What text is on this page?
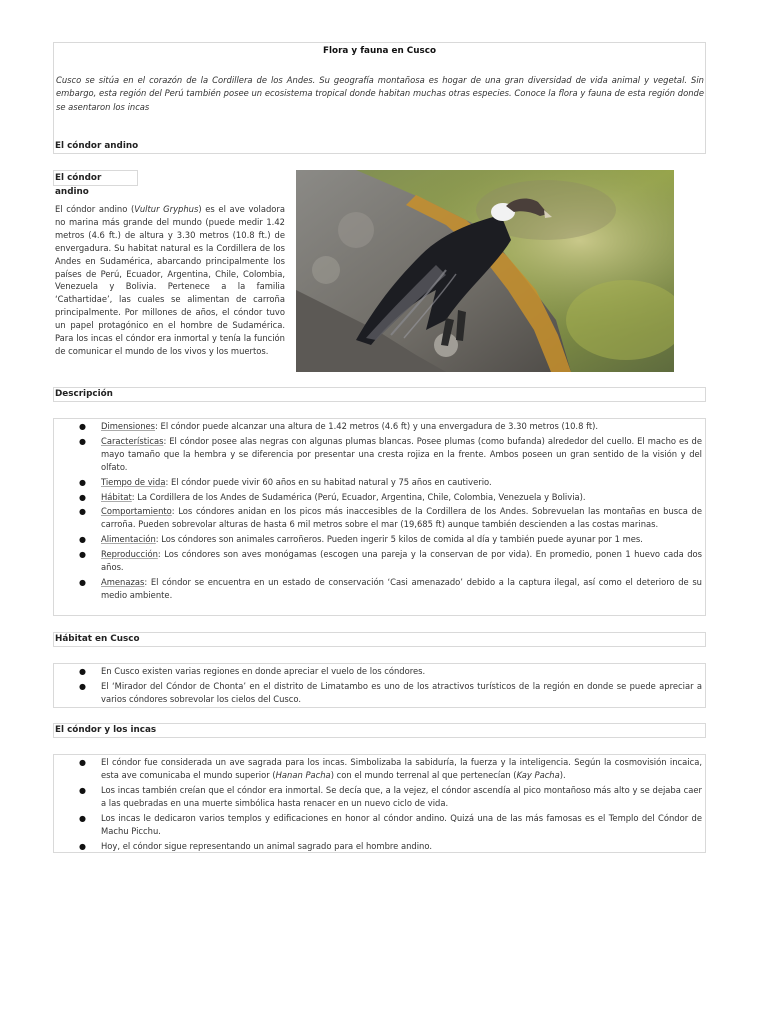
Flora y fauna en Cusco
Cusco se sitúa en el corazón de la Cordillera de los Andes. Su geografía montañosa es hogar de una gran diversidad de vida animal y vegetal. Sin embargo, esta región del Perú también posee un ecosistema tropical donde habitan muchas otras especies. Conoce la flora y fauna de esta región donde se asentaron los incas
El cóndor andino
El cóndor andino
El cóndor andino (Vultur Gryphus) es el ave voladora no marina más grande del mundo (puede medir 1.42 metros (4.6 ft.) de altura y 3.30 metros (10.8 ft.) de envergadura. Su habitat natural es la Cordillera de los Andes en Sudamérica, abarcando principalmente los países de Perú, Ecuador, Argentina, Chile, Colombia, Venezuela y Bolivia. Pertenece a la familia ‘Cathartidae’, las cuales se alimentan de carroña principalmente. Por millones de años, el cóndor tuvo un papel protagónico en el hombre de Sudamérica. Para los incas el cóndor era inmortal y tenía la función de comunicar el mundo de los vivos y los muertos.
Descripción
● Dimensiones: El cóndor puede alcanzar una altura de 1.42 metros (4.6 ft) y una envergadura de 3.30 metros (10.8 ft).
● Características: El cóndor posee alas negras con algunas plumas blancas. Posee plumas (como bufanda) alrededor del cuello. El macho es de mayo tamaño que la hembra y se diferencia por presentar una cresta rojiza en la frente. Ambos poseen un gran sentido de la visión y del olfato.
● Tiempo de vida: El cóndor puede vivir 60 años en su habitad natural y 75 años en cautiverio.
● Hábitat: La Cordillera de los Andes de Sudamérica (Perú, Ecuador, Argentina, Chile, Colombia, Venezuela y Bolivia).
● Comportamiento: Los cóndores anidan en los picos más inaccesibles de la Cordillera de los Andes. Sobrevuelan las montañas en busca de carroña. Pueden sobrevolar alturas de hasta 6 mil metros sobre el mar (19,685 ft) aunque también descienden a las costas marinas.
● Alimentación: Los cóndores son animales carroñeros. Pueden ingerir 5 kilos de comida al día y también puede ayunar por 1 mes.
● Reproducción: Los cóndores son aves monógamas (escogen una pareja y la conservan de por vida). En promedio, ponen 1 huevo cada dos años.
● Amenazas: El cóndor se encuentra en un estado de conservación ‘Casi amenazado’ debido a la captura ilegal, así como el deterioro de su medio ambiente.
Hábitat en Cusco
● En Cusco existen varias regiones en donde apreciar el vuelo de los cóndores.
● El ‘Mirador del Cóndor de Chonta’ en el distrito de Limatambo es uno de los atractivos turísticos de la región en donde se puede apreciar a varios cóndores sobrevolar los cielos del Cusco.
El cóndor y los incas
● El cóndor fue considerada un ave sagrada para los incas. Simbolizaba la sabiduría, la fuerza y la inteligencia. Según la cosmovisión incaica, esta ave comunicaba el mundo superior (Hanan Pacha) con el mundo terrenal al que pertenecían (Kay Pacha).
● Los incas también creían que el cóndor era inmortal. Se decía que, a la vejez, el cóndor ascendía al pico montañoso más alto y se dejaba caer a las quebradas en una muerte simbólica hasta renacer en un nuevo ciclo de vida.
● Los incas le dedicaron varios templos y edificaciones en honor al cóndor andino. Quizá una de las más famosas es el Templo del Cóndor de Machu Picchu.
● Hoy, el cóndor sigue representando un animal sagrado para el hombre andino.
